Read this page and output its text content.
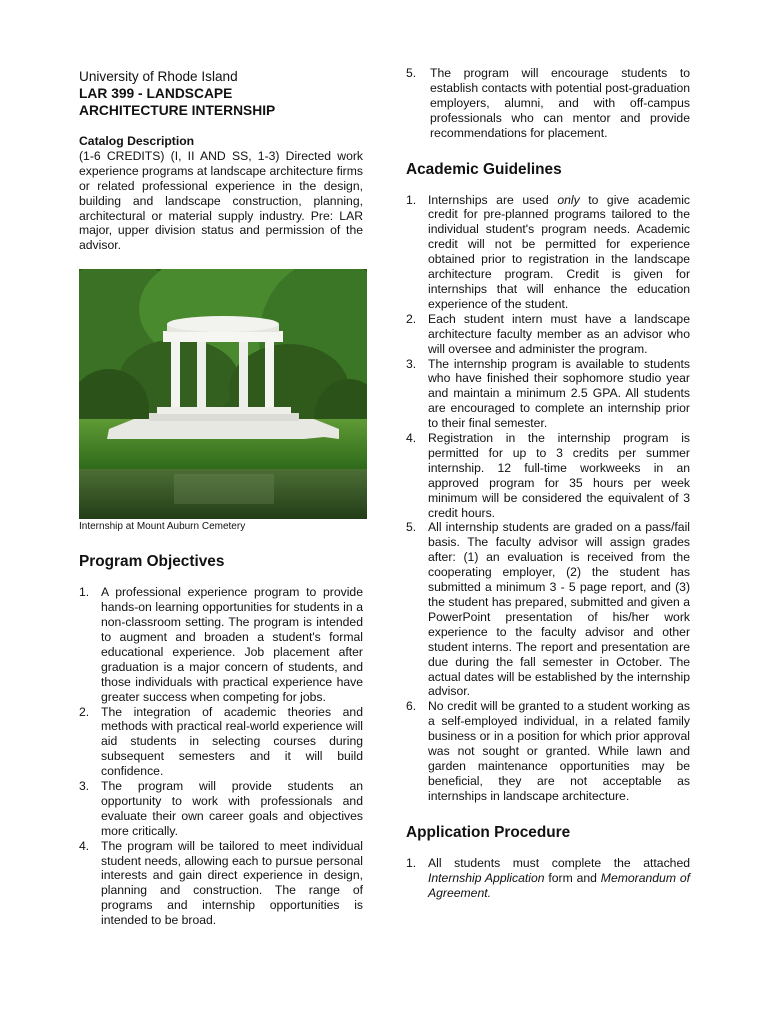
University of Rhode Island
LAR 399 - LANDSCAPE
ARCHITECTURE INTERNSHIP
Catalog Description
(1-6 CREDITS) (I, II AND SS, 1-3) Directed work experience programs at landscape architecture firms or related professional experience in the design, building and landscape construction, planning, architectural or material supply industry. Pre: LAR major, upper division status and permission of the advisor.
Internship at Mount Auburn Cemetery
Program Objectives
1. A professional experience program to provide hands-on learning opportunities for students in a non-classroom setting. The program is intended to augment and broaden a student's formal educational experience. Job placement after graduation is a major concern of students, and those individuals with practical experience have greater success when competing for jobs.
2. The integration of academic theories and methods with practical real-world experience will aid students in selecting courses during subsequent semesters and it will build confidence.
3. The program will provide students an opportunity to work with professionals and evaluate their own career goals and objectives more critically.
4. The program will be tailored to meet individual student needs, allowing each to pursue personal interests and gain direct experience in design, planning and construction. The range of programs and internship opportunities is intended to be broad.
5. The program will encourage students to establish contacts with potential post-graduation employers, alumni, and with off-campus professionals who can mentor and provide recommendations for placement.
Academic Guidelines
1. Internships are used only to give academic credit for pre-planned programs tailored to the individual student's program needs. Academic credit will not be permitted for experience obtained prior to registration in the landscape architecture program. Credit is given for internships that will enhance the education experience of the student.
2. Each student intern must have a landscape architecture faculty member as an advisor who will oversee and administer the program.
3. The internship program is available to students who have finished their sophomore studio year and maintain a minimum 2.5 GPA. All students are encouraged to complete an internship prior to their final semester.
4. Registration in the internship program is permitted for up to 3 credits per summer internship. 12 full-time workweeks in an approved program for 35 hours per week minimum will be considered the equivalent of 3 credit hours.
5. All internship students are graded on a pass/fail basis. The faculty advisor will assign grades after: (1) an evaluation is received from the cooperating employer, (2) the student has submitted a minimum 3 - 5 page report, and (3) the student has prepared, submitted and given a PowerPoint presentation of his/her work experience to the faculty advisor and other student interns. The report and presentation are due during the fall semester in October. The actual dates will be established by the internship advisor.
6. No credit will be granted to a student working as a self-employed individual, in a related family business or in a position for which prior approval was not sought or granted. While lawn and garden maintenance opportunities may be beneficial, they are not acceptable as internships in landscape architecture.
Application Procedure
1. All students must complete the attached Internship Application form and Memorandum of Agreement.
